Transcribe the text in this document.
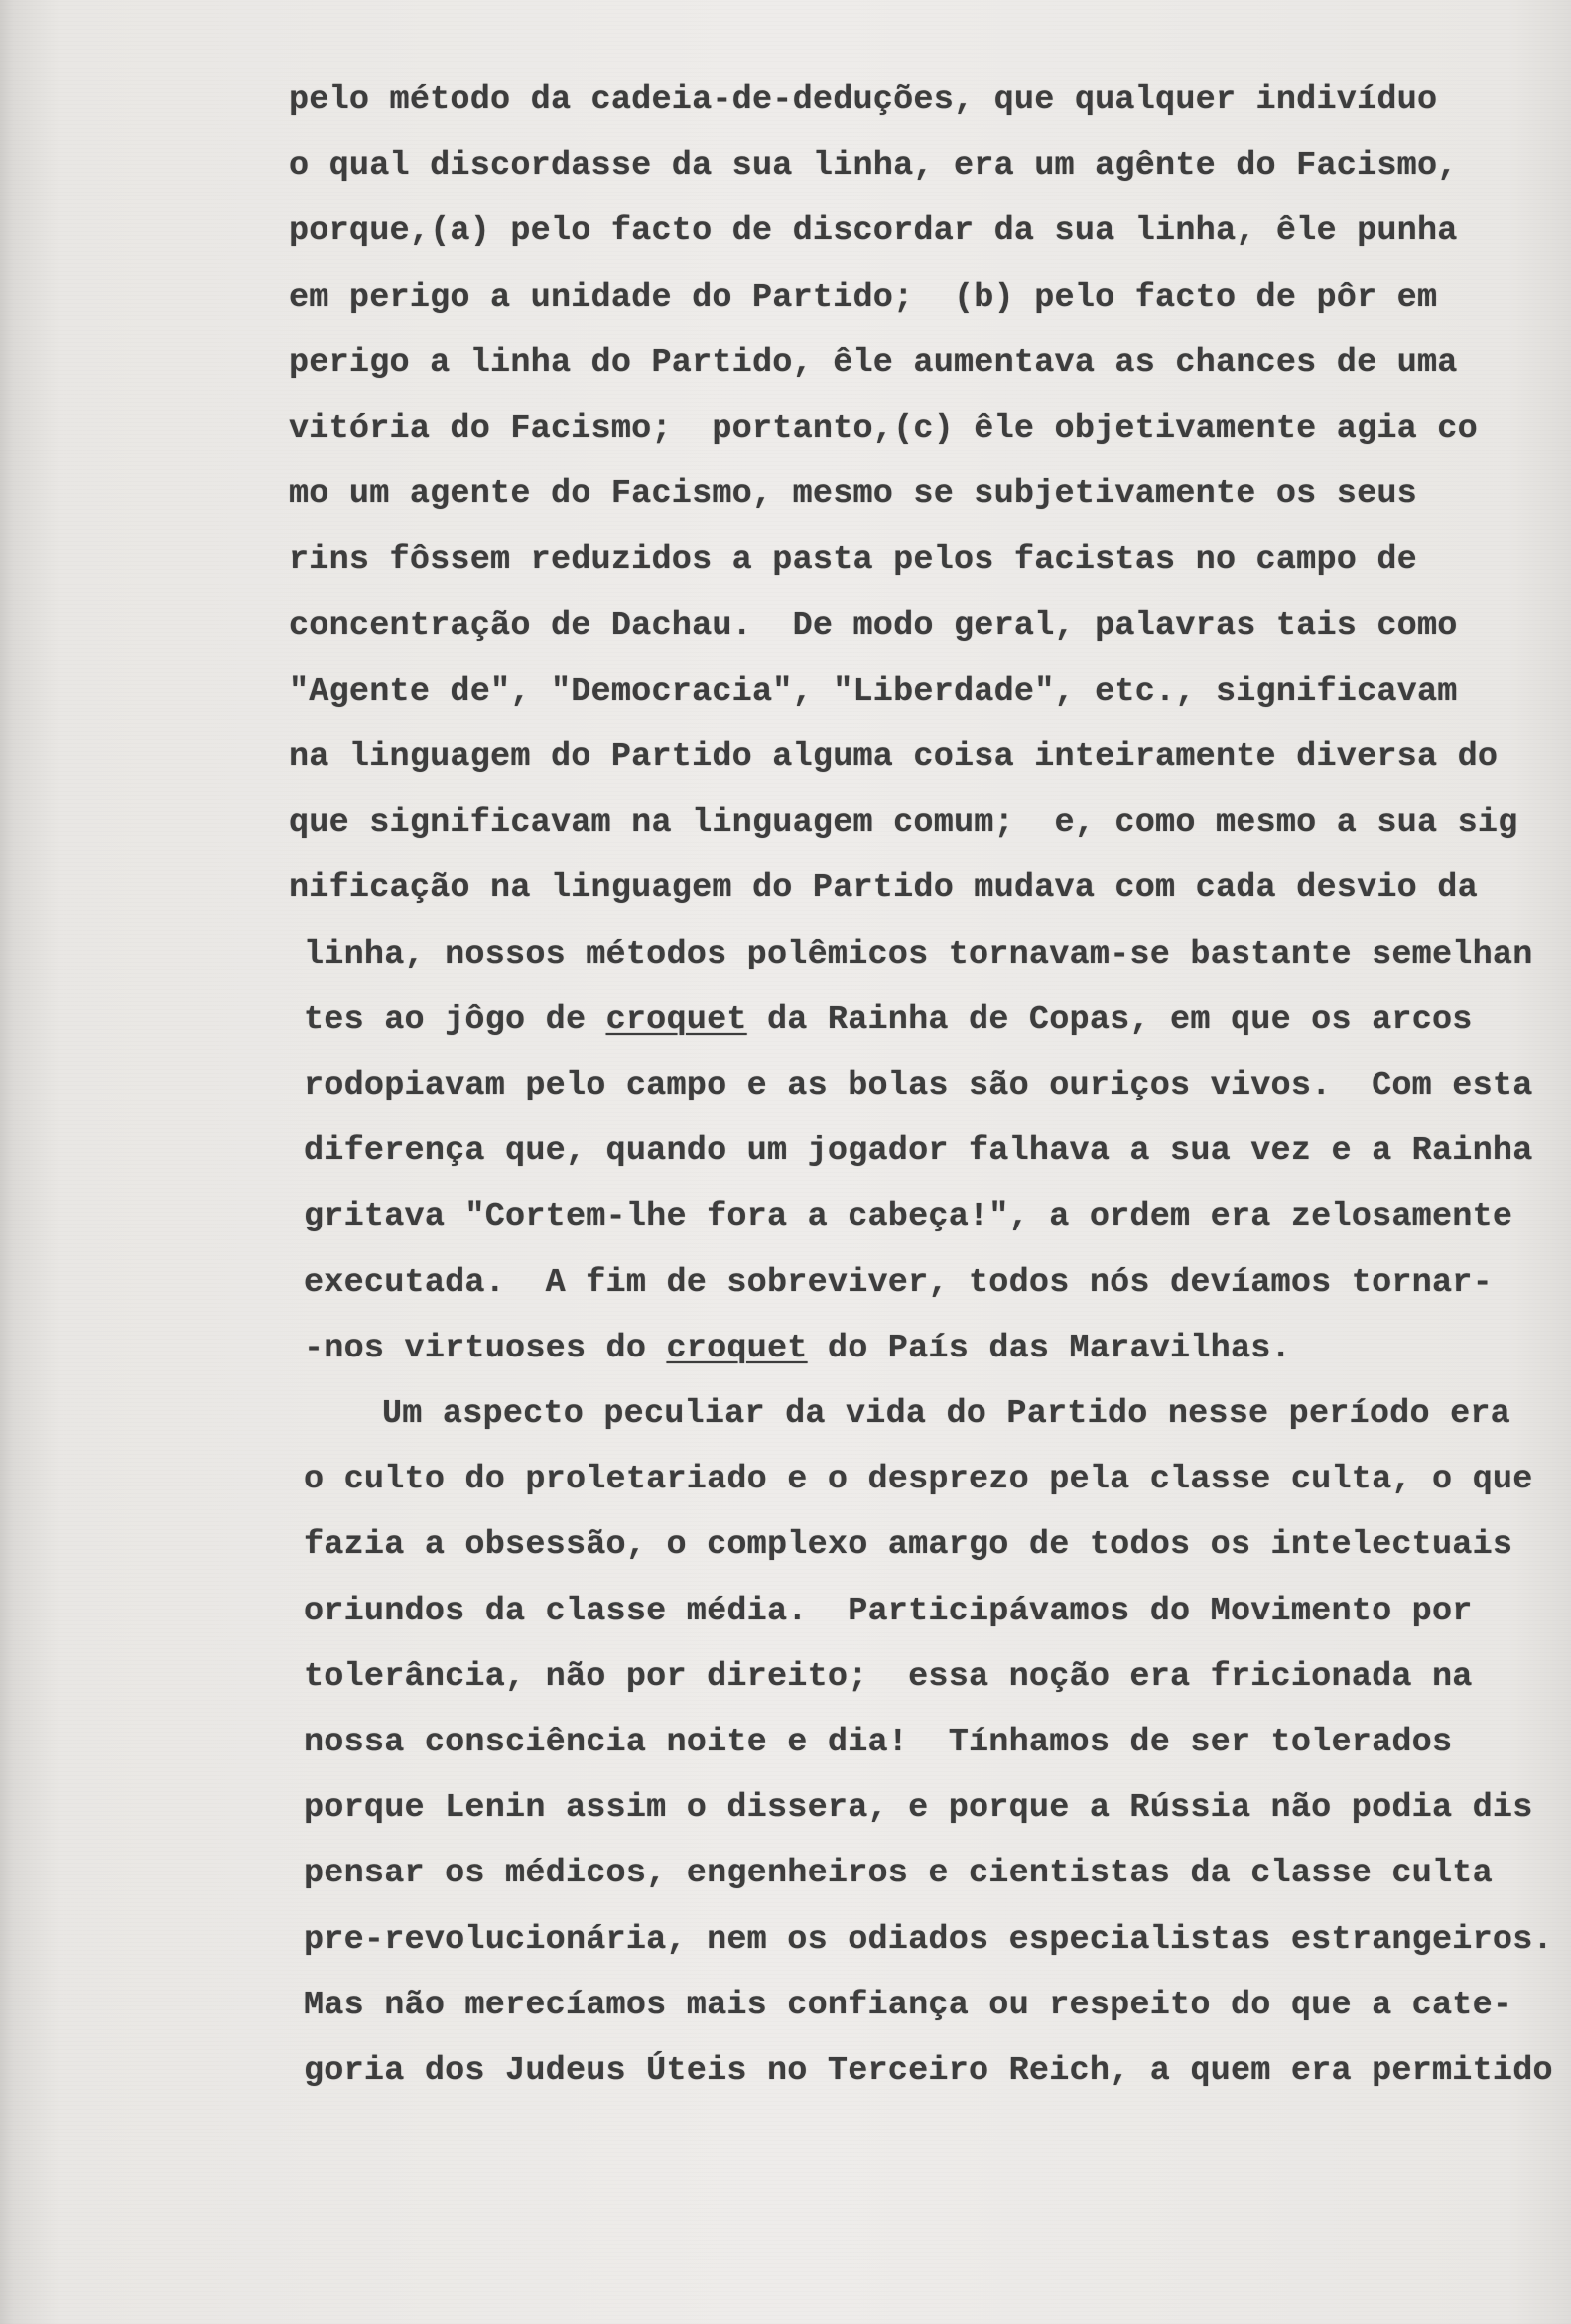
pelo método da cadeia-de-deduções, que qualquer indivíduo
o qual discordasse da sua linha, era um agênte do Facismo,
porque,(a) pelo facto de discordar da sua linha, êle punha
em perigo a unidade do Partido;  (b) pelo facto de pôr em
perigo a linha do Partido, êle aumentava as chances de uma
vitória do Facismo;  portanto,(c) êle objetivamente agia co
mo um agente do Facismo, mesmo se subjetivamente os seus
rins fôssem reduzidos a pasta pelos facistas no campo de
concentração de Dachau.  De modo geral, palavras tais como
"Agente de", "Democracia", "Liberdade", etc., significavam
na linguagem do Partido alguma coisa inteiramente diversa do
que significavam na linguagem comum;  e, como mesmo a sua sig
nificação na linguagem do Partido mudava com cada desvio da
linha, nossos métodos polêmicos tornavam-se bastante semelhan
tes ao jôgo de croquet da Rainha de Copas, em que os arcos
rodopiavam pelo campo e as bolas são ouriços vivos.  Com esta
diferença que, quando um jogador falhava a sua vez e a Rainha
gritava "Cortem-lhe fora a cabeça!", a ordem era zelosamente
executada.  A fim de sobreviver, todos nós devíamos tornar-
-nos virtuoses do croquet do País das Maravilhas.
Um aspecto peculiar da vida do Partido nesse período era
o culto do proletariado e o desprezo pela classe culta, o que
fazia a obsessão, o complexo amargo de todos os intelectuais
oriundos da classe média.  Participávamos do Movimento por
tolerância, não por direito;  essa noção era fricionada na
nossa consciência noite e dia!  Tínhamos de ser tolerados
porque Lenin assim o dissera, e porque a Rússia não podia dis
pensar os médicos, engenheiros e cientistas da classe culta
pre-revolucionária, nem os odiados especialistas estrangeiros.
Mas não merecíamos mais confiança ou respeito do que a cate-
goria dos Judeus Úteis no Terceiro Reich, a quem era permitido
